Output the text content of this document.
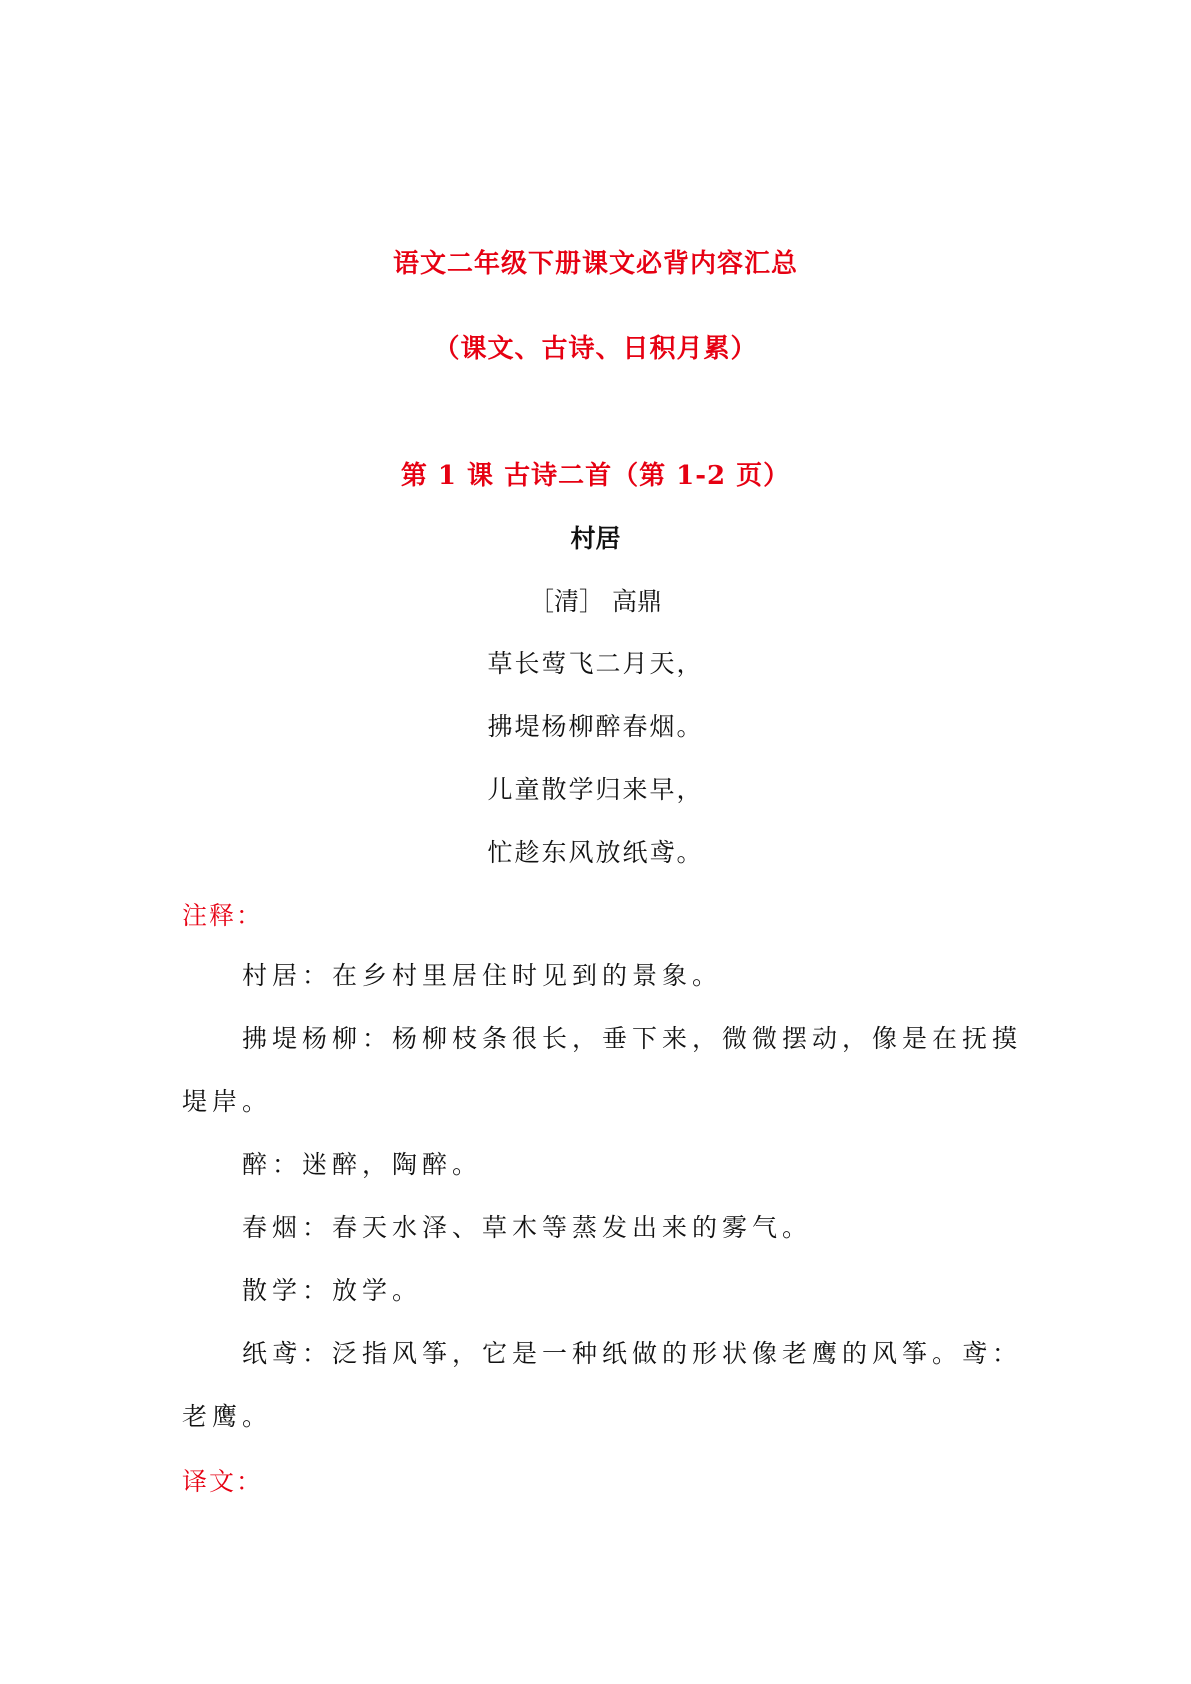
语文二年级下册课文必背内容汇总
（课文、古诗、日积月累）
第 1 课 古诗二首（第 1-2 页）
村居
［清］ 高鼎
草长莺飞二月天，
拂堤杨柳醉春烟。
儿童散学归来早，
忙趁东风放纸鸢。
注释：
村居：在乡村里居住时见到的景象。
拂堤杨柳：杨柳枝条很长，垂下来，微微摆动，像是在抚摸堤岸。
醉：迷醉，陶醉。
春烟：春天水泽、草木等蒸发出来的雾气。
散学：放学。
纸鸢：泛指风筝，它是一种纸做的形状像老鹰的风筝。鸢：老鹰。
译文：
